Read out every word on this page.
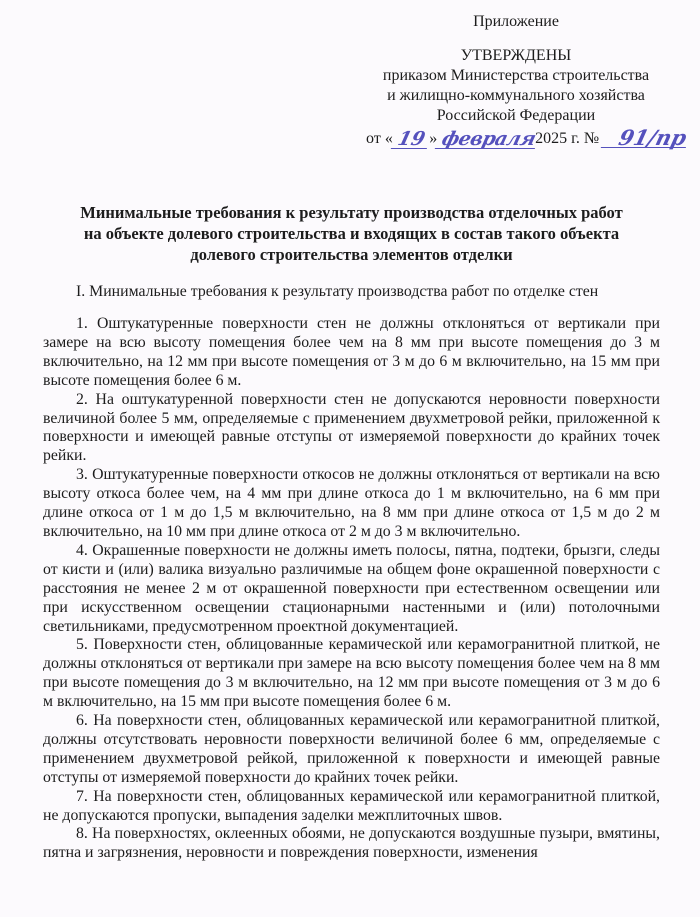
Приложение
УТВЕРЖДЕНЫ
приказом Министерства строительства
и жилищно-коммунального хозяйства
Российской Федерации
от « 19 » февраля2025 г. № 91/пр
Минимальные требования к результату производства отделочных работ
на объекте долевого строительства и входящих в состав такого объекта
долевого строительства элементов отделки

I. Минимальные требования к результату производства работ по отделке стен

1. Оштукатуренные поверхности стен не должны отклоняться от вертикали при замере на всю высоту помещения более чем на 8 мм при высоте помещения до 3 м включительно, на 12 мм при высоте помещения от 3 м до 6 м включительно, на 15 мм при высоте помещения более 6 м.

2. На оштукатуренной поверхности стен не допускаются неровности поверхности величиной более 5 мм, определяемые с применением двухметровой рейки, приложенной к поверхности и имеющей равные отступы от измеряемой поверхности до крайних точек рейки.

3. Оштукатуренные поверхности откосов не должны отклоняться от вертикали на всю высоту откоса более чем, на 4 мм при длине откоса до 1 м включительно, на 6 мм при длине откоса от 1 м до 1,5 м включительно, на 8 мм при длине откоса от 1,5 м до 2 м включительно, на 10 мм при длине откоса от 2 м до 3 м включительно.

4. Окрашенные поверхности не должны иметь полосы, пятна, подтеки, брызги, следы от кисти и (или) валика визуально различимые на общем фоне окрашенной поверхности с расстояния не менее 2 м от окрашенной поверхности при естественном освещении или при искусственном освещении стационарными настенными и (или) потолочными светильниками, предусмотренном проектной документацией.

5. Поверхности стен, облицованные керамической или керамогранитной плиткой, не должны отклоняться от вертикали при замере на всю высоту помещения более чем на 8 мм при высоте помещения до 3 м включительно, на 12 мм при высоте помещения от 3 м до 6 м включительно, на 15 мм при высоте помещения более 6 м.

6. На поверхности стен, облицованных керамической или керамогранитной плиткой, должны отсутствовать неровности поверхности величиной более 6 мм, определяемые с применением двухметровой рейкой, приложенной к поверхности и имеющей равные отступы от измеряемой поверхности до крайних точек рейки.

7. На поверхности стен, облицованных керамической или керамогранитной плиткой, не допускаются пропуски, выпадения заделки межплиточных швов.

8. На поверхностях, оклеенных обоями, не допускаются воздушные пузыри, вмятины, пятна и загрязнения, неровности и повреждения поверхности, изменения
